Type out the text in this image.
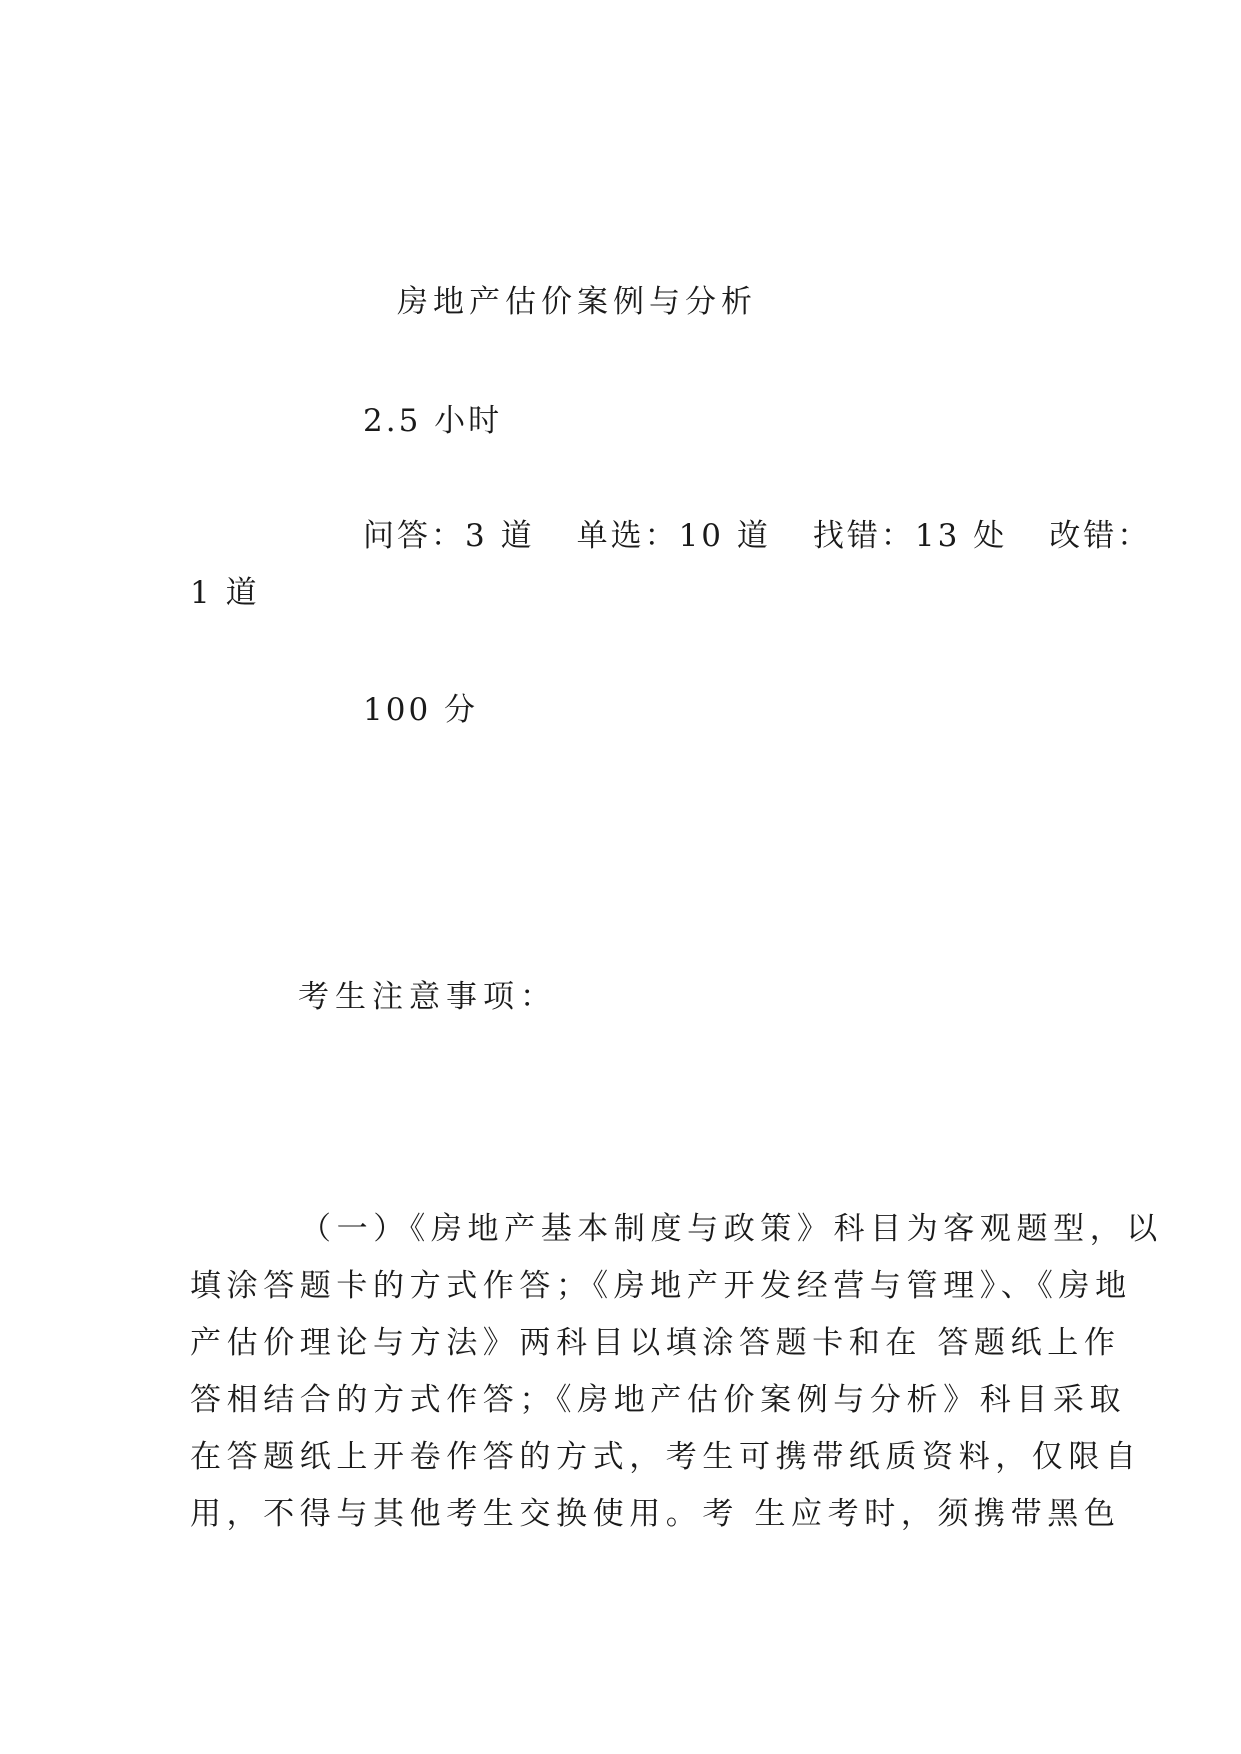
房地产估价案例与分析
2.5 小时
问答：3 道 单选：10 道 找错：13 处 改错：
1 道
100 分
考生注意事项：
（一）《房地产基本制度与政策》科目为客观题型，以
填涂答题卡的方式作答；《房地产开发经营与管理》、《房地
产估价理论与方法》两科目以填涂答题卡和在 答题纸上作
答相结合的方式作答；《房地产估价案例与分析》科目采取
在答题纸上开卷作答的方式，考生可携带纸质资料，仅限自
用，不得与其他考生交换使用。考 生应考时，须携带黑色
